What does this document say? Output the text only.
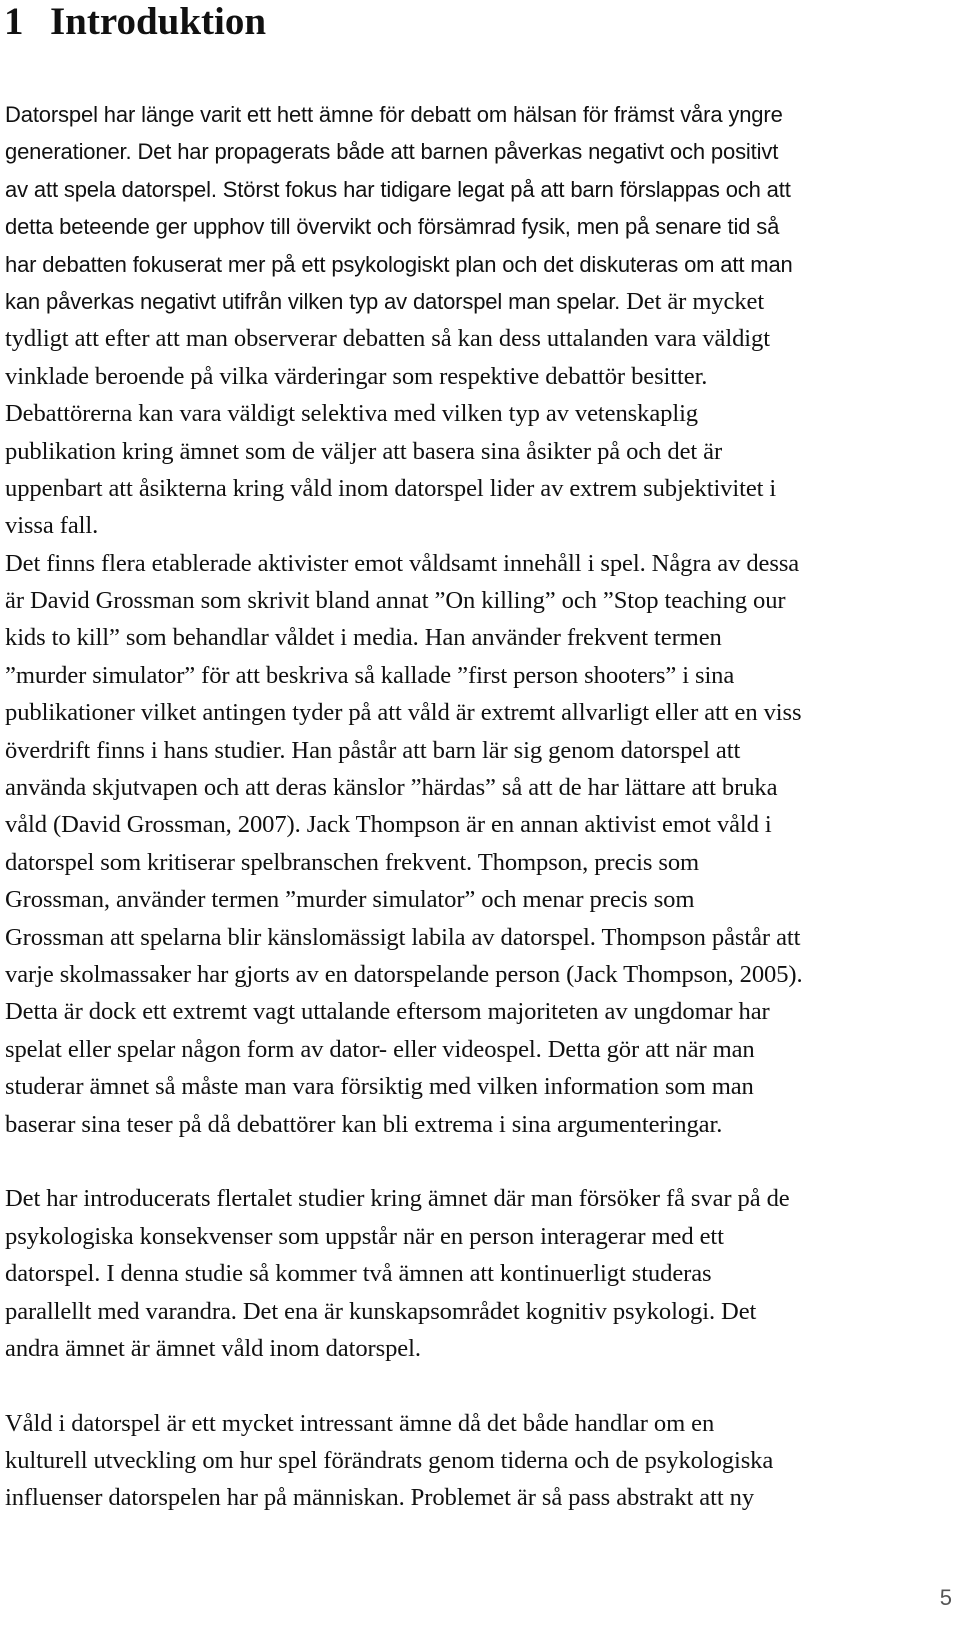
1 Introduktion
Datorspel har länge varit ett hett ämne för debatt om hälsan för främst våra yngre
generationer. Det har propagerats både att barnen påverkas negativt och positivt
av att spela datorspel. Störst fokus har tidigare legat på att barn förslappas och att
detta beteende ger upphov till övervikt och försämrad fysik, men på senare tid så
har debatten fokuserat mer på ett psykologiskt plan och det diskuteras om att man
kan påverkas negativt utifrån vilken typ av datorspel man spelar. Det är mycket
tydligt att efter att man observerar debatten så kan dess uttalanden vara väldigt
vinklade beroende på vilka värderingar som respektive debattör besitter.
Debattörerna kan vara väldigt selektiva med vilken typ av vetenskaplig
publikation kring ämnet som de väljer att basera sina åsikter på och det är
uppenbart att åsikterna kring våld inom datorspel lider av extrem subjektivitet i
vissa fall.
Det finns flera etablerade aktivister emot våldsamt innehåll i spel. Några av dessa
är David Grossman som skrivit bland annat ”On killing” och ”Stop teaching our
kids to kill” som behandlar våldet i media. Han använder frekvent termen
”murder simulator” för att beskriva så kallade ”first person shooters” i sina
publikationer vilket antingen tyder på att våld är extremt allvarligt eller att en viss
överdrift finns i hans studier. Han påstår att barn lär sig genom datorspel att
använda skjutvapen och att deras känslor ”härdas” så att de har lättare att bruka
våld (David Grossman, 2007). Jack Thompson är en annan aktivist emot våld i
datorspel som kritiserar spelbranschen frekvent. Thompson, precis som
Grossman, använder termen ”murder simulator” och menar precis som
Grossman att spelarna blir känslomässigt labila av datorspel. Thompson påstår att
varje skolmassaker har gjorts av en datorspelande person (Jack Thompson, 2005).
Detta är dock ett extremt vagt uttalande eftersom majoriteten av ungdomar har
spelat eller spelar någon form av dator- eller videospel. Detta gör att när man
studerar ämnet så måste man vara försiktig med vilken information som man
baserar sina teser på då debattörer kan bli extrema i sina argumenteringar.
Det har introducerats flertalet studier kring ämnet där man försöker få svar på de
psykologiska konsekvenser som uppstår när en person interagerar med ett
datorspel. I denna studie så kommer två ämnen att kontinuerligt studeras
parallellt med varandra. Det ena är kunskapsområdet kognitiv psykologi. Det
andra ämnet är ämnet våld inom datorspel.
Våld i datorspel är ett mycket intressant ämne då det både handlar om en
kulturell utveckling om hur spel förändrats genom tiderna och de psykologiska
influenser datorspelen har på människan. Problemet är så pass abstrakt att ny
5
